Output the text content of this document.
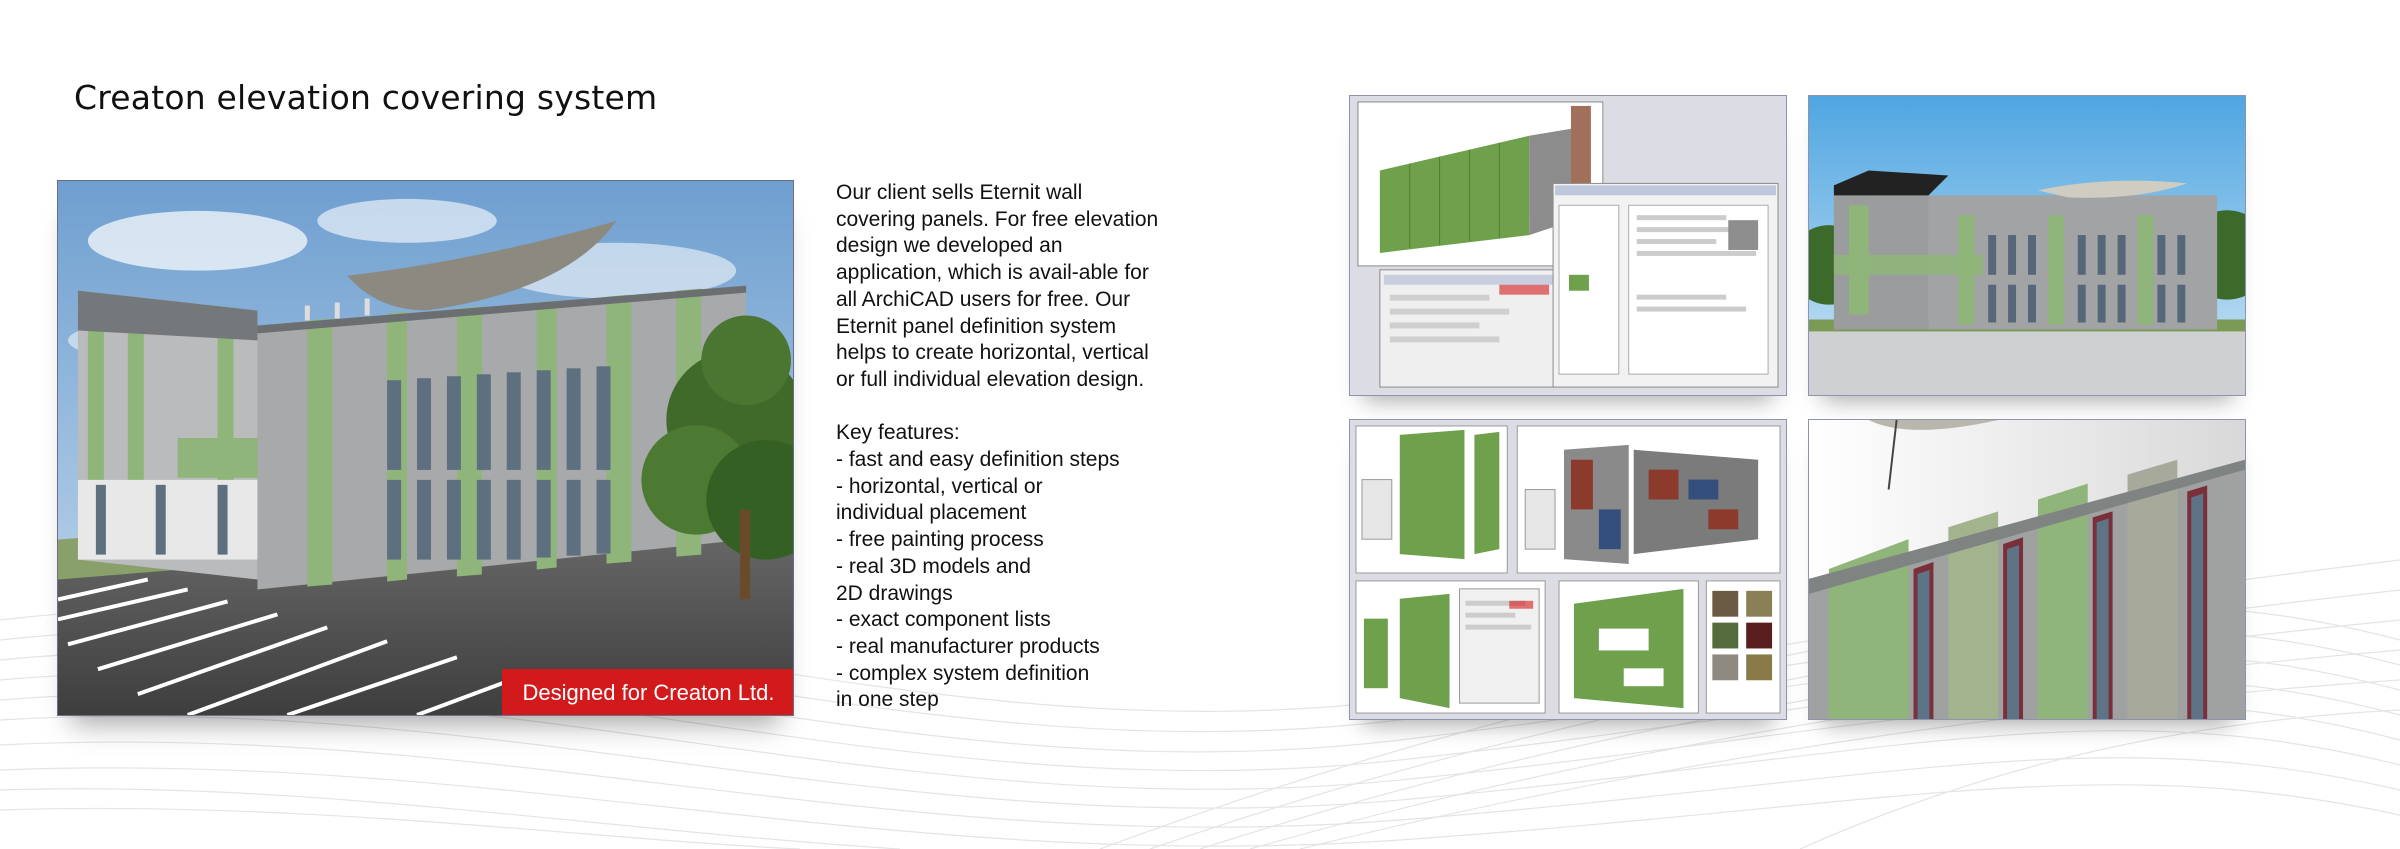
Creaton elevation covering system
Designed for Creaton Ltd.

Our client sells Eternit wall covering panels. For free elevation design we developed an application, which is avail-able for all ArchiCAD users for free. Our Eternit panel definition system helps to create horizontal, vertical or full individual elevation design.

Key features:

- fast and easy definition steps
- horizontal, vertical or
individual placement
- free painting process
- real 3D models and
2D drawings
- exact component lists
- real manufacturer products
- complex system definition
in one step
